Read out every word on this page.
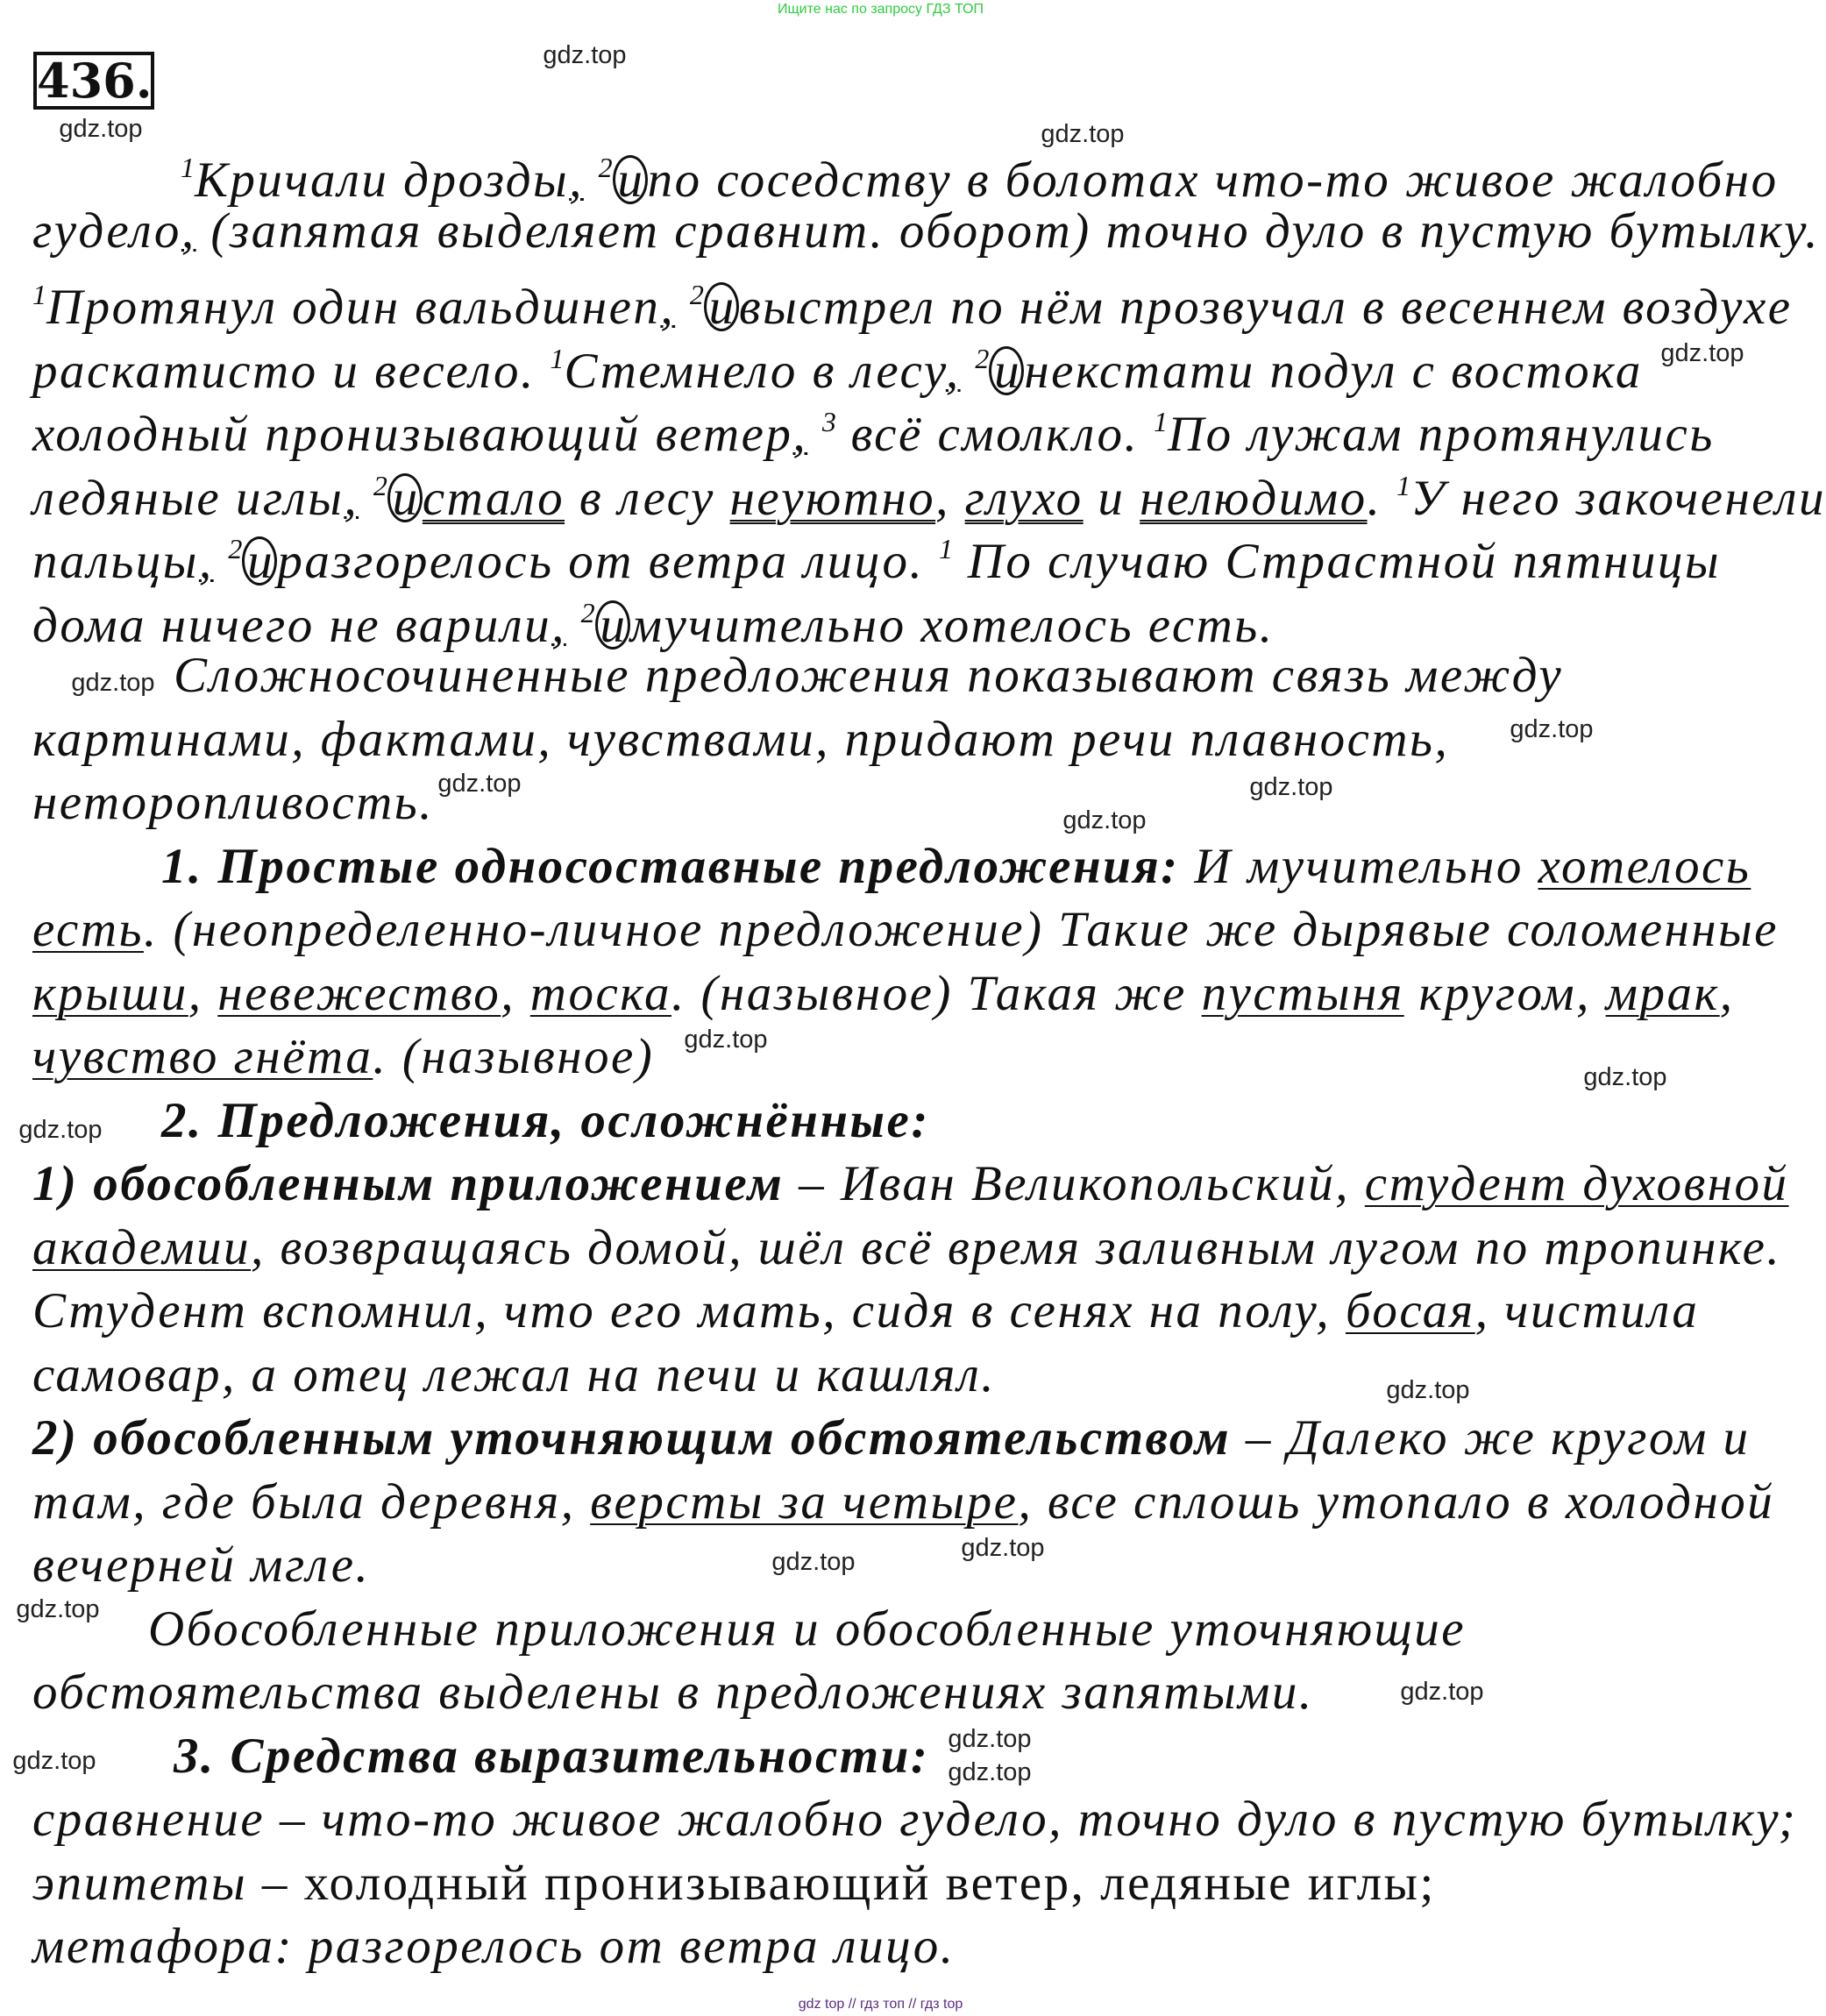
Ищите нас по запросу ГДЗ ТОП
436.
$^1$Кричали дрозды, $^2$ и по соседству в болотах что-то живое жалобно
гудело, (запятая выделяет сравнит. оборот) точно дуло в пустую бутылку.
$^1$Протянул один вальдшнеп, $^2$ и выстрел по нём прозвучал в весеннем воздухе
раскатисто и весело. $^1$Стемнело в лесу, $^2$ и некстати подул с востока
холодный пронизывающий ветер, $^3$ всё смолкло. $^1$По лужам протянулись
ледяные иглы, $^2$ и стало в лесу неуютно, глухо и нелюдимо. $^1$У него закоченели
пальцы, $^2$ и разгорелось от ветра лицо. $^1$ По случаю Страстной пятницы
дома ничего не варили, $^2$ и мучительно хотелось есть.
Сложносочиненные предложения показывают связь между
картинами, фактами, чувствами, придают речи плавность,
неторопливость.
1. Простые односоставные предложения: И мучительно хотелось
есть. (неопределенно-личное предложение) Такие же дырявые соломенные
крыши, невежество, тоска. (назывное) Такая же пустыня кругом, мрак,
чувство гнёта. (назывное)
2. Предложения, осложнённые:
1) обособленным приложением – Иван Великопольский, студент духовной
академии, возвращаясь домой, шёл всё время заливным лугом по тропинке.
Студент вспомнил, что его мать, сидя в сенях на полу, босая, чистила
самовар, а отец лежал на печи и кашлял.
2) обособленным уточняющим обстоятельством – Далеко же кругом и
там, где была деревня, версты за четыре, все сплошь утопало в холодной
вечерней мгле.
Обособленные приложения и обособленные уточняющие
обстоятельства выделены в предложениях запятыми.
3. Средства выразительности:
сравнение – что-то живое жалобно гудело, точно дуло в пустую бутылку;
эпитеты – холодный пронизывающий ветер, ледяные иглы;
метафора: разгорелось от ветра лицо.
gdz.top
gdz.top	gdz.top
gdz.top
gdz.top
gdz.top
gdz.top
gdz.top
gdz.top
gdz.top
gdz.top
gdz.top
gdz.top
gdz.top
gdz.top
gdz.top
gdz.top
gdz.top	gdz.top
gdz.top
gdz top // гдз топ // гдз top
